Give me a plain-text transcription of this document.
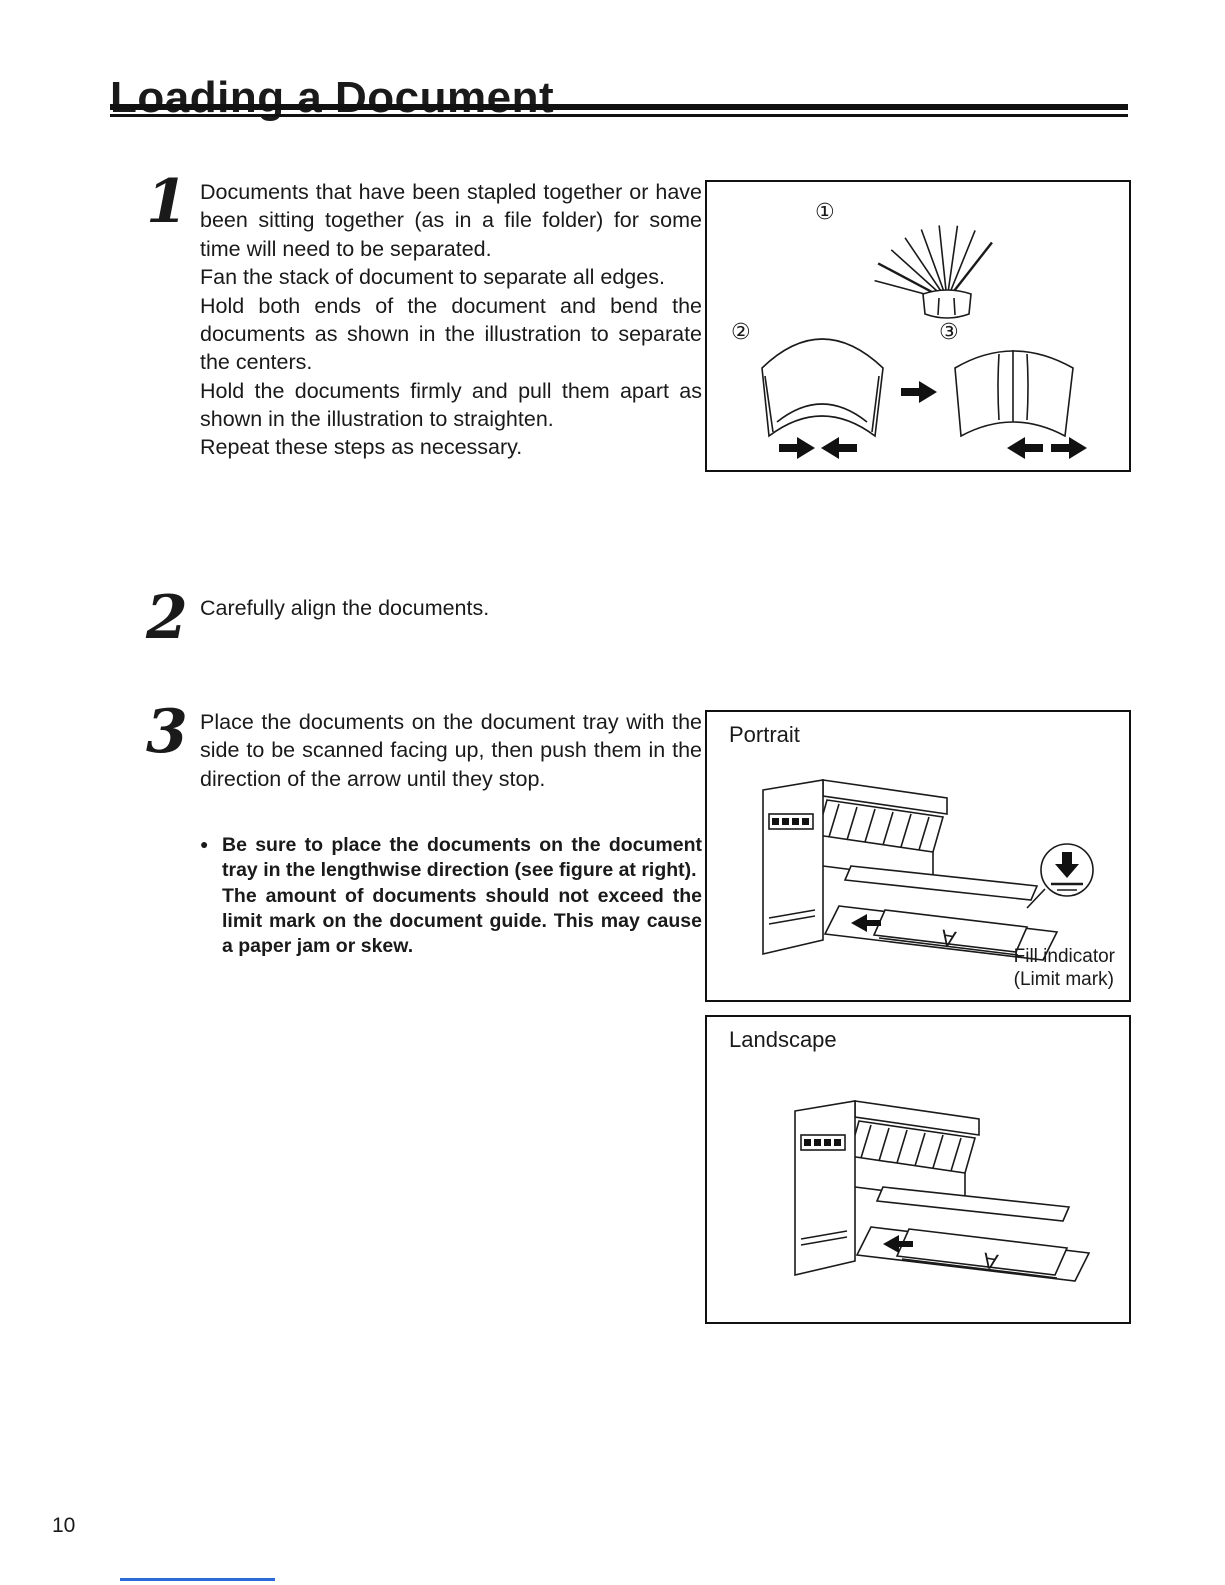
Loading a Document
1 Documents that have been stapled together or have been sitting together (as in a file folder) for some time will need to be separated.

Fan the stack of document to separate all edges.

Hold both ends of the document and bend the documents as shown in the illustration to separate the centers.

Hold the documents firmly and pull them apart as shown in the illustration to straighten.

Repeat these steps as necessary.

①
②	③
2 Carefully align the documents.

3 Place the documents on the document tray with the side to be scanned facing up, then push them in the direction of the arrow until they stop.

● Be sure to place the documents on the document tray in the lengthwise direction (see figure at right).

The amount of documents should not exceed the limit mark on the document guide. This may cause a paper jam or skew.

Portrait
A
Fill indicator
(Limit mark)
Landscape
A
10
